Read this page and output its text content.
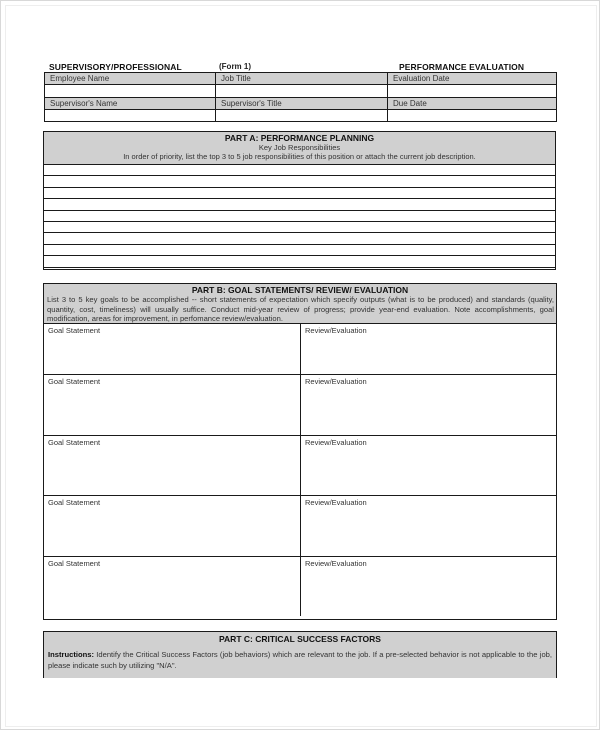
SUPERVISORY/PROFESSIONAL	(Form 1)	PERFORMANCE EVALUATION
Employee Name	Job Title	Evaluation Date

Supervisor's Name	Supervisor's Title	Due Date

PART A: PERFORMANCE PLANNING
Key Job Responsibilities
In order of priority, list the top 3 to 5 job responsibilities of this position or attach the current job description.
PART B: GOAL STATEMENTS/ REVIEW/ EVALUATION
List 3 to 5 key goals to be accomplished -- short statements of expectation which specify outputs (what is to be produced) and standards (quality, quantity, cost, timeliness) will usually suffice. Conduct mid-year review of progress; provide year-end evaluation. Note accomplishments, goal modification, areas for improvement, in perfomance review/evaluation.
Goal Statement	Review/Evaluation
Goal Statement	Review/Evaluation
Goal Statement	Review/Evaluation
Goal Statement	Review/Evaluation
Goal Statement	Review/Evaluation
PART C: CRITICAL SUCCESS FACTORS
Instructions: Identify the Critical Success Factors (job behaviors) which are relevant to the job. If a pre-selected behavior is not applicable to the job, please indicate such by utilizing "N/A".
